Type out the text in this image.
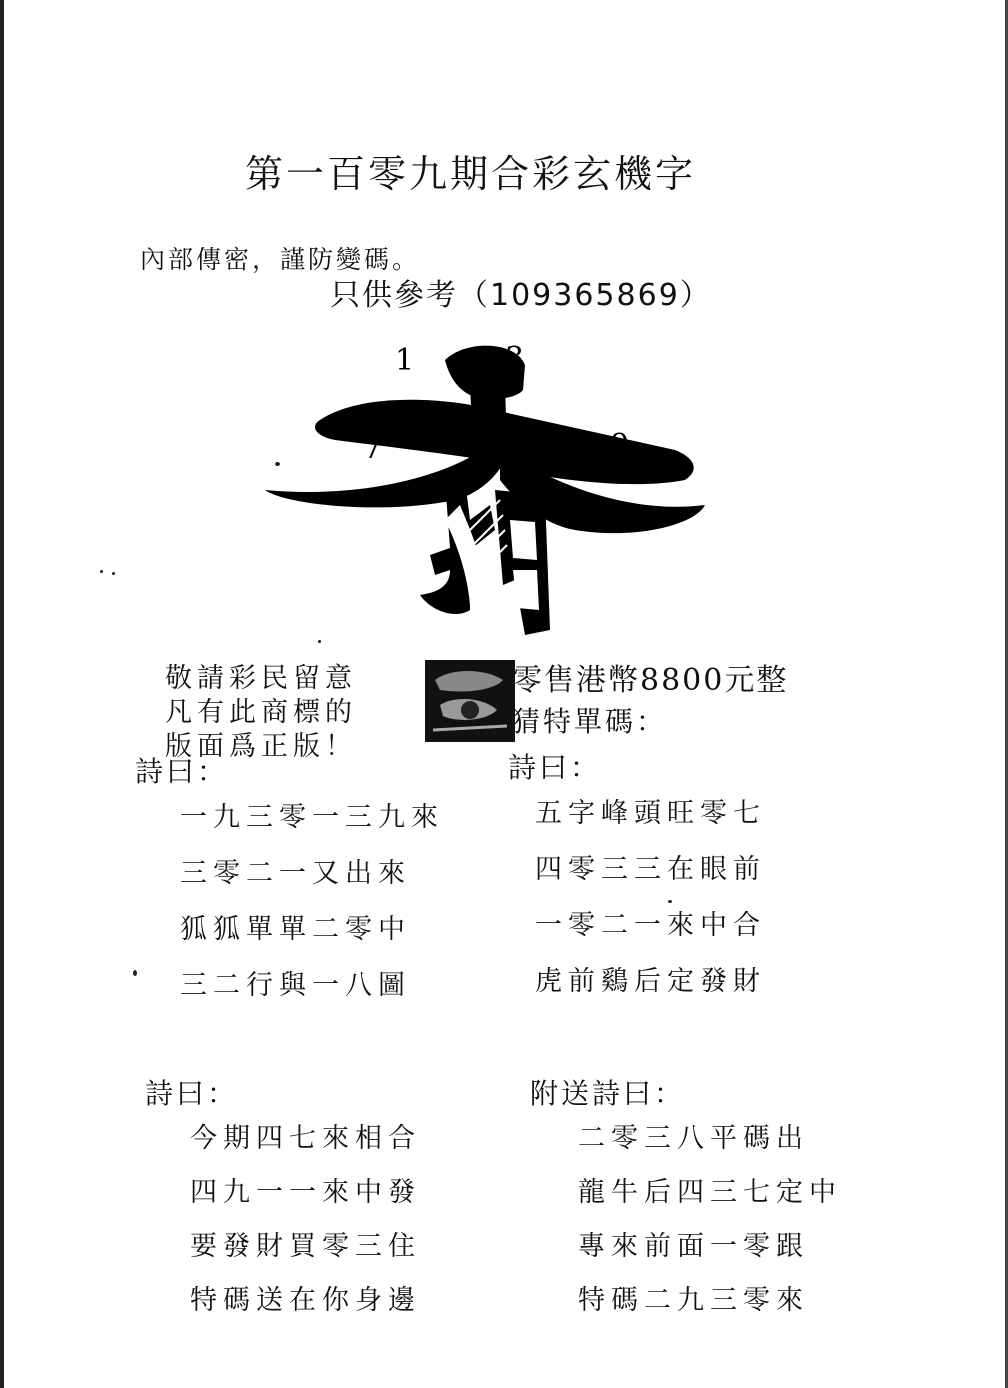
第一百零九期合彩玄機字
內部傳密，謹防變碼。
只供參考（109365869）
1	3
7	9
敬請彩民留意
凡有此商標的
版面爲正版！
零售港幣8800元整
猜特單碼：
詩曰：
一九三零一三九來
三零二一又出來
狐狐單單二零中
三二行與一八圖
詩曰：
五字峰頭旺零七
四零三三在眼前
一零二一來中合
虎前鷄后定發財
詩曰：
今期四七來相合
四九一一來中發
要發財買零三住
特碼送在你身邊
附送詩曰：
二零三八平碼出
龍牛后四三七定中
專來前面一零跟
特碼二九三零來
